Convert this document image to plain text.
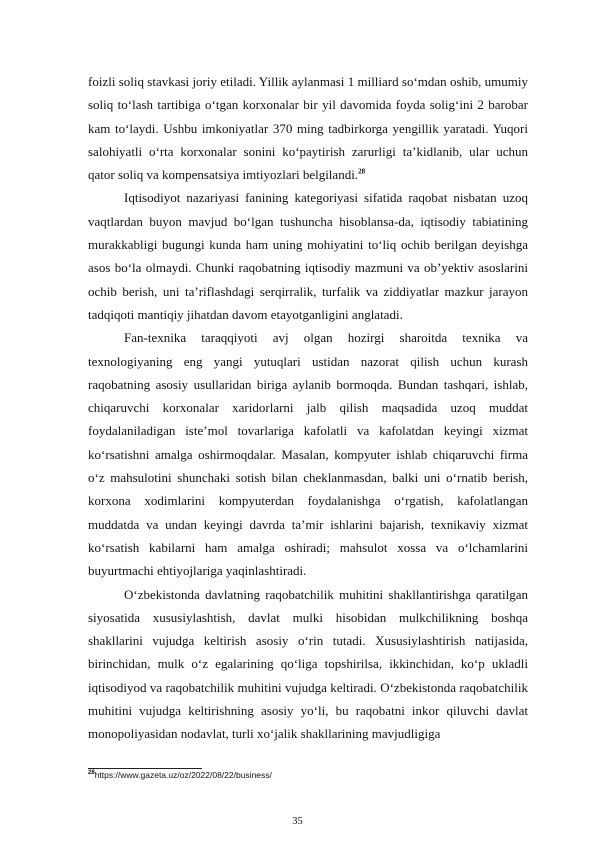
foizli soliq stavkasi joriy etiladi. Yillik aylanmasi 1 milliard so‘mdan oshib, umumiy soliq to‘lash tartibiga o‘tgan korxonalar bir yil davomida foyda solig‘ini 2 barobar kam to‘laydi. Ushbu imkoniyatlar 370 ming tadbirkorga yengillik yaratadi. Yuqori salohiyatli o‘rta korxonalar sonini ko‘paytirish zarurligi ta’kidlanib, ular uchun qator soliq va kompensatsiya imtiyozlari belgilandi.$^{28}$

Iqtisodiyot nazariyasi fanining kategoriyasi sifatida raqobat nisbatan uzoq vaqtlardan buyon mavjud bo‘lgan tushuncha hisoblansa-da, iqtisodiy tabiatining murakkabligi bugungi kunda ham uning mohiyatini to‘liq ochib berilgan deyishga asos bo‘la olmaydi. Chunki raqobatning iqtisodiy mazmuni va ob’yektiv asoslarini ochib berish, uni ta’riflashdagi serqirralik, turfalik va ziddiyatlar mazkur jarayon tadqiqoti mantiqiy jihatdan davom etayotganligini anglatadi.

Fan-texnika taraqqiyoti avj olgan hozirgi sharoitda texnika va texnologiyaning eng yangi yutuqlari ustidan nazorat qilish uchun kurash raqobatning asosiy usullaridan biriga aylanib bormoqda. Bundan tashqari, ishlab, chiqaruvchi korxonalar xaridorlarni jalb qilish maqsadida uzoq muddat foydalaniladigan iste’mol tovarlariga kafolatli va kafolatdan keyingi xizmat ko‘rsatishni amalga oshirmoqdalar. Masalan, kompyuter ishlab chiqaruvchi firma o‘z mahsulotini shunchaki sotish bilan cheklanmasdan, balki uni o‘rnatib berish, korxona xodimlarini kompyuterdan foydalanishga o‘rgatish, kafolatlangan muddatda va undan keyingi davrda ta’mir ishlarini bajarish, texnikaviy xizmat ko‘rsatish kabilarni ham amalga oshiradi; mahsulot xossa va o‘lchamlarini buyurtmachi ehtiyojlariga yaqinlashtiradi.

O‘zbekistonda davlatning raqobatchilik muhitini shakllantirishga qaratilgan siyosatida xususiylashtish, davlat mulki hisobidan mulkchilikning boshqa shakllarini vujudga keltirish asosiy o‘rin tutadi. Xususiylashtirish natijasida, birinchidan, mulk o‘z egalarining qo‘liga topshirilsa, ikkinchidan, ko‘p ukladli iqtisodiyod va raqobatchilik muhitini vujudga keltiradi. O‘zbekistonda raqobatchilik muhitini vujudga keltirishning asosiy yo‘li, bu raqobatni inkor qiluvchi davlat monopoliyasidan nodavlat, turli xo‘jalik shakllarining mavjudligiga

$^{28}$https://www.gazeta.uz/oz/2022/08/22/business/
35
